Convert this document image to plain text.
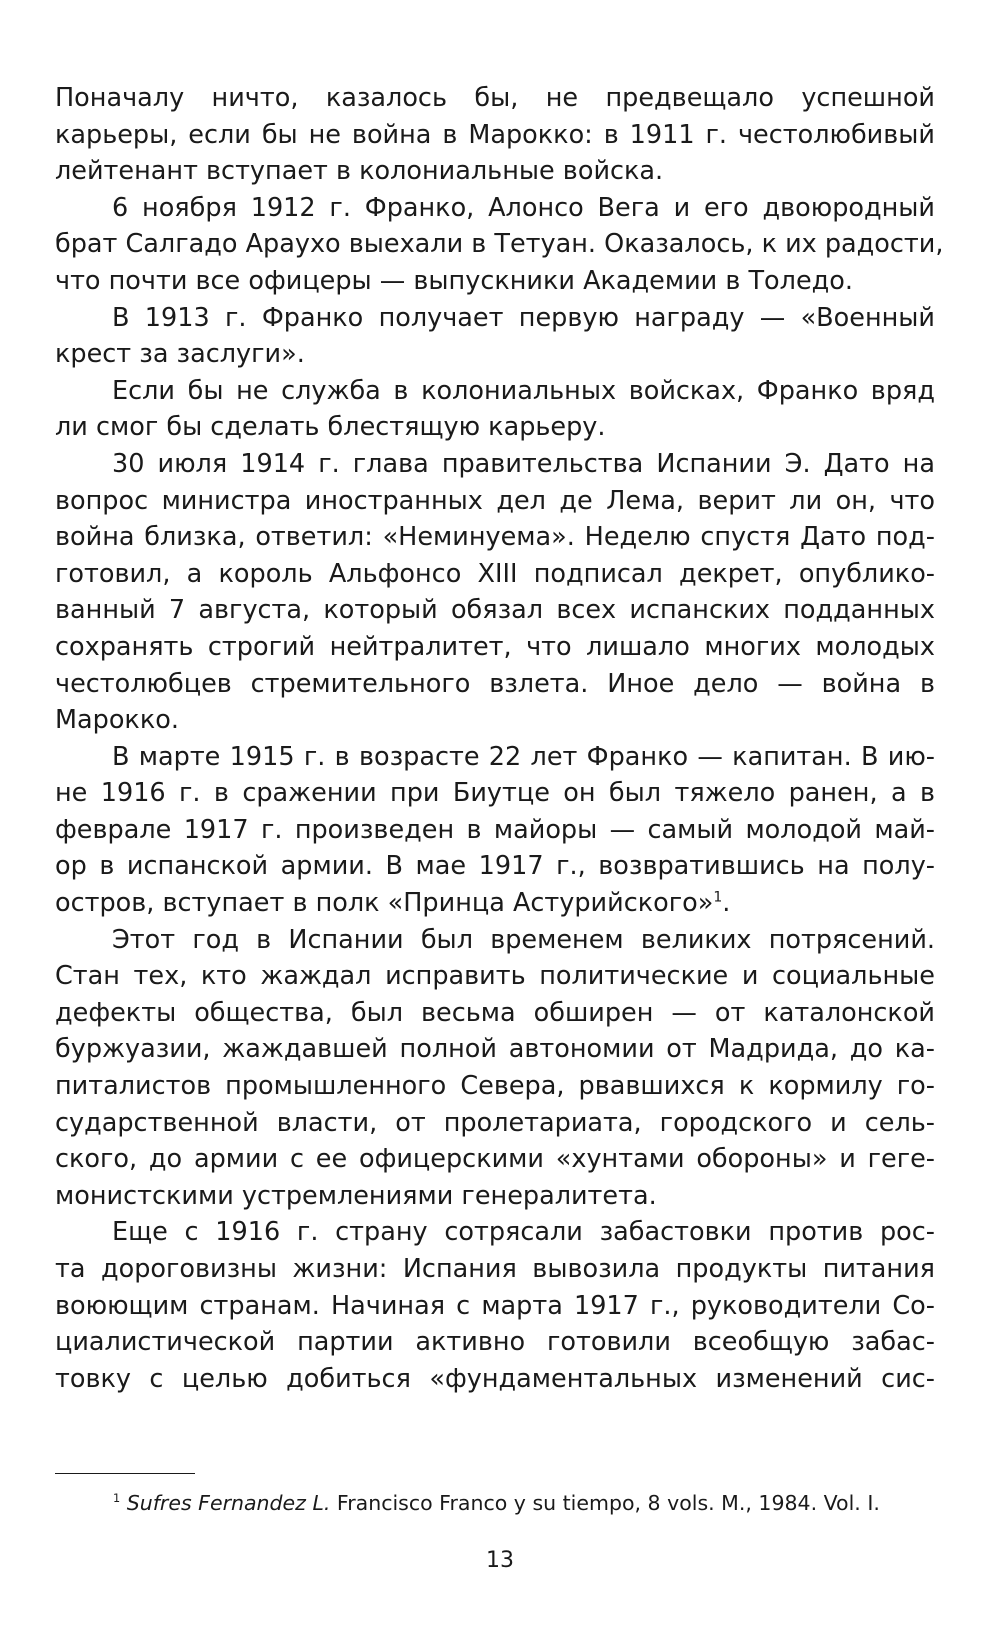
Поначалу ничто, казалось бы, не предвещало успешной
карьеры, если бы не война в Марокко: в 1911 г. честолюбивый
лейтенант вступает в колониальные войска.
6 ноября 1912 г. Франко, Алонсо Вега и его двоюродный
брат Салгадо Араухо выехали в Тетуан. Оказалось, к их радости,
что почти все офицеры — выпускники Академии в Толедо.
В 1913 г. Франко получает первую награду — «Военный
крест за заслуги».
Если бы не служба в колониальных войсках, Франко вряд
ли смог бы сделать блестящую карьеру.
30 июля 1914 г. глава правительства Испании Э. Дато на
вопрос министра иностранных дел де Лема, верит ли он, что
война близка, ответил: «Неминуема». Неделю спустя Дато под-
готовил, а король Альфонсо XIII подписал декрет, опублико-
ванный 7 августа, который обязал всех испанских подданных
сохранять строгий нейтралитет, что лишало многих молодых
честолюбцев стремительного взлета. Иное дело — война в
Марокко.
В марте 1915 г. в возрасте 22 лет Франко — капитан. В ию-
не 1916 г. в сражении при Биутце он был тяжело ранен, а в
феврале 1917 г. произведен в майоры — самый молодой май-
ор в испанской армии. В мае 1917 г., возвратившись на полу-
остров, вступает в полк «Принца Астурийского»$^1$.
Этот год в Испании был временем великих потрясений.
Стан тех, кто жаждал исправить политические и социальные
дефекты общества, был весьма обширен — от каталонской
буржуазии, жаждавшей полной автономии от Мадрида, до ка-
питалистов промышленного Севера, рвавшихся к кормилу го-
сударственной власти, от пролетариата, городского и сель-
ского, до армии с ее офицерскими «хунтами обороны» и геге-
монистскими устремлениями генералитета.
Еще с 1916 г. страну сотрясали забастовки против рос-
та дороговизны жизни: Испания вывозила продукты питания
воюющим странам. Начиная с марта 1917 г., руководители Со-
циалистической партии активно готовили всеобщую забас-
товку с целью добиться «фундаментальных изменений сис-
$^1$ Sufres Fernandez L. Francisco Franco y su tiempo, 8 vols. M., 1984. Vol. I.
13
